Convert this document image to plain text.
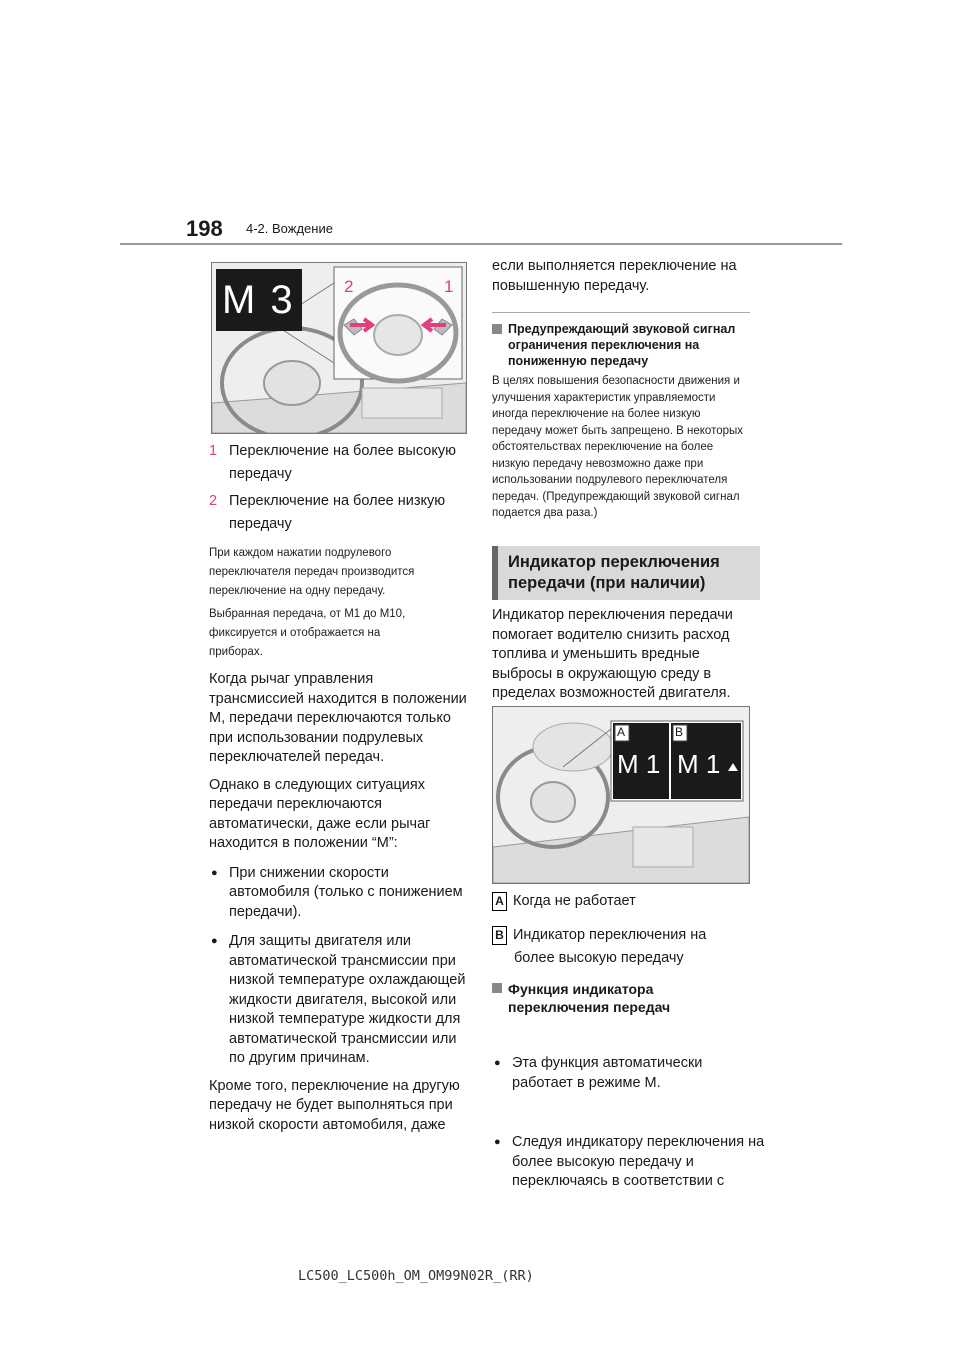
198 4-2. Вождение
M 3	2	1
1 Переключение на более высокую
передачу
2 Переключение на более низкую
передачу
При каждом нажатии подрулевого
переключателя передач производится
переключение на одну передачу.
Выбранная передача, от M1 до M10,
фиксируется и отображается на
приборах.
Когда рычаг управления трансмиссией находится в положении M, передачи переключаются только при использовании подрулевых переключателей передач.
Однако в следующих ситуациях передачи переключаются автоматически, даже если рычаг находится в положении “M”:
● При снижении скорости автомобиля (только с понижением передачи).
● Для защиты двигателя или автоматической трансмиссии при низкой температуре охлаждающей жидкости двигателя, высокой или низкой температуре жидкости для автоматической трансмиссии или по другим причинам.
Кроме того, переключение на другую передачу не будет выполняться при низкой скорости автомобиля, даже
если выполняется переключение на повышенную передачу.
Предупреждающий звуковой сигнал ограничения переключения на пониженную передачу
В целях повышения безопасности движения и улучшения характеристик управляемости иногда переключение на более низкую передачу может быть запрещено. В некоторых обстоятельствах переключение на более низкую передачу невозможно даже при использовании подрулевого переключателя передач. (Предупреждающий звуковой сигнал подается два раза.)
Индикатор переключения передачи (при наличии)
Индикатор переключения передачи помогает водителю снизить расход топлива и уменьшить вредные выбросы в окружающую среду в пределах возможностей двигателя.
A	B
M 1 M 1
A Когда не работает
B Индикатор переключения на
более высокую передачу
Функция индикатора переключения передач
● Эта функция автоматически работает в режиме M.
● Следуя индикатору переключения на более высокую передачу и переключаясь в соответствии с
LC500_LC500h_OM_OM99N02R_(RR)
